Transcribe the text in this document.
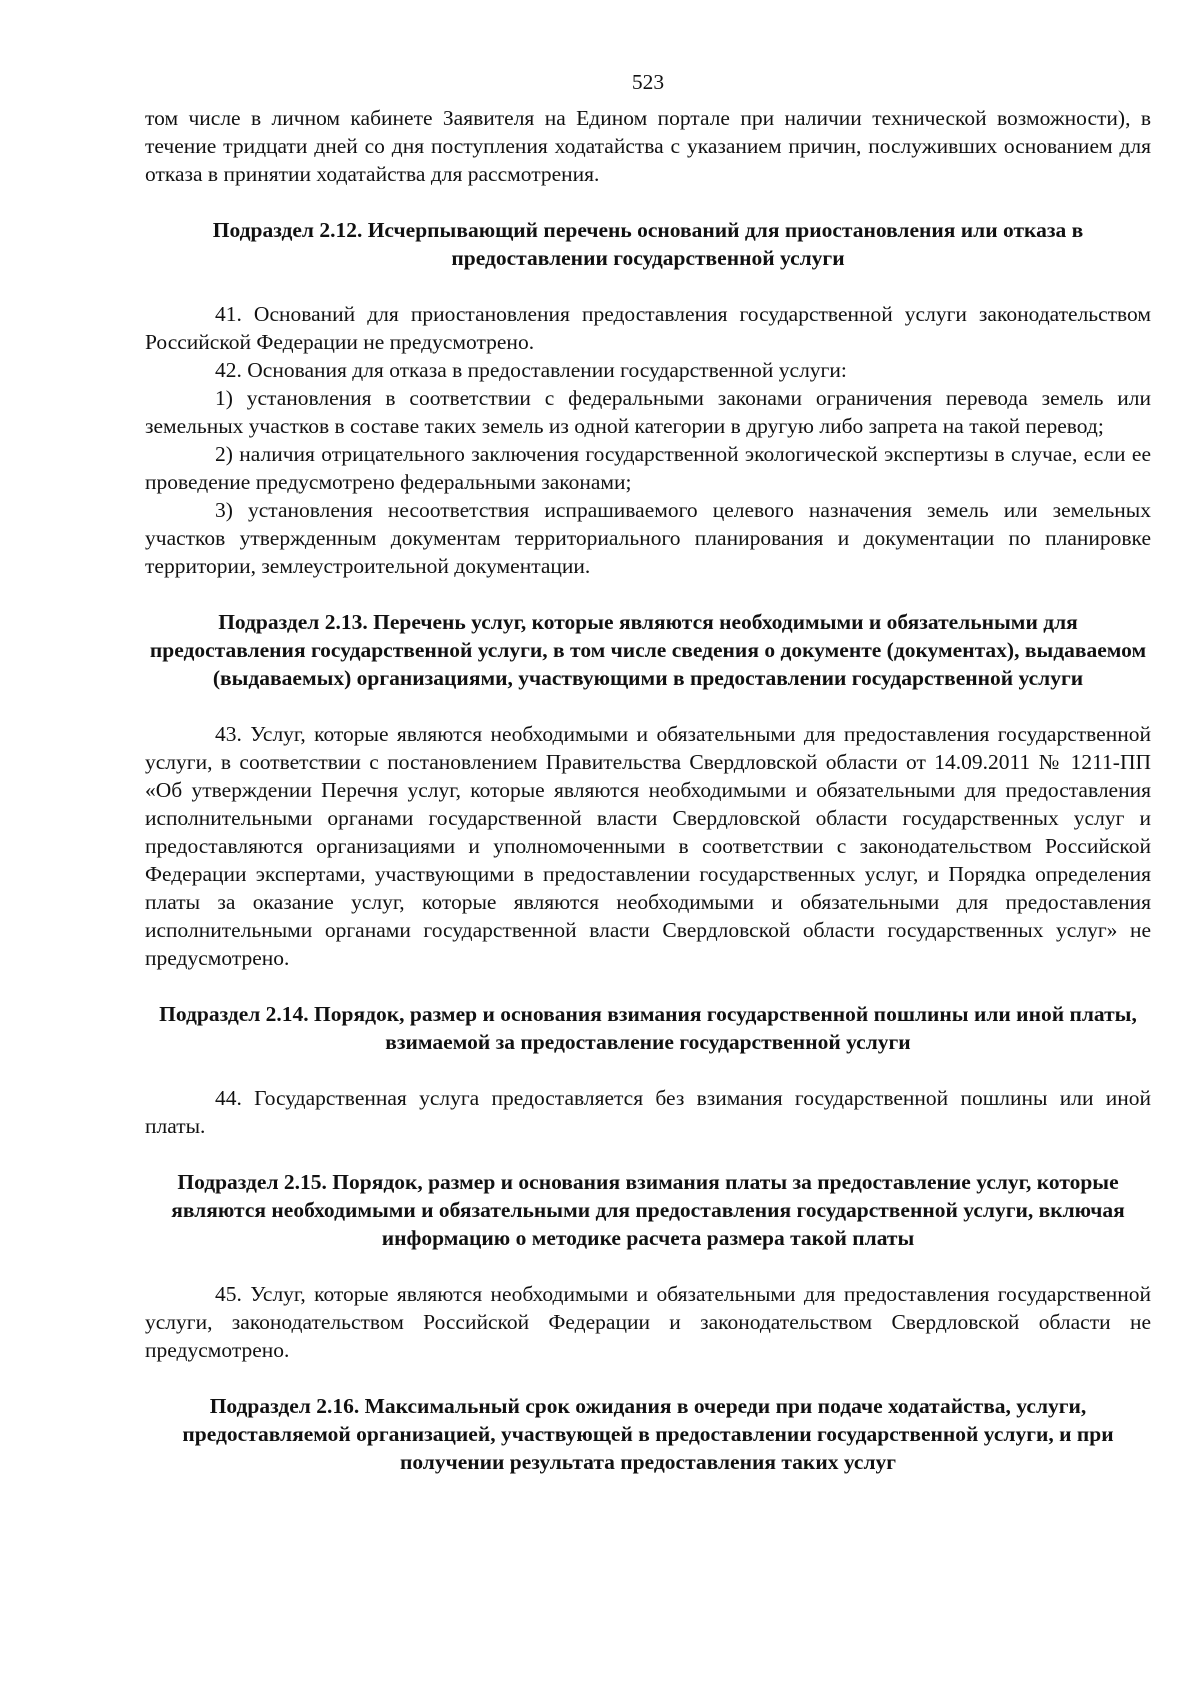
523

том числе в личном кабинете Заявителя на Едином портале при наличии технической возможности), в течение тридцати дней со дня поступления ходатайства с указанием причин, послуживших основанием для отказа в принятии ходатайства для рассмотрения.

Подраздел 2.12. Исчерпывающий перечень оснований для приостановления или отказа в предоставлении государственной услуги

41. Оснований для приостановления предоставления государственной услуги законодательством Российской Федерации не предусмотрено.

42. Основания для отказа в предоставлении государственной услуги:

1) установления в соответствии с федеральными законами ограничения перевода земель или земельных участков в составе таких земель из одной категории в другую либо запрета на такой перевод;

2) наличия отрицательного заключения государственной экологической экспертизы в случае, если ее проведение предусмотрено федеральными законами;

3) установления несоответствия испрашиваемого целевого назначения земель или земельных участков утвержденным документам территориального планирования и документации по планировке территории, землеустроительной документации.

Подраздел 2.13. Перечень услуг, которые являются необходимыми и обязательными для предоставления государственной услуги, в том числе сведения о документе (документах), выдаваемом (выдаваемых) организациями, участвующими в предоставлении государственной услуги

43. Услуг, которые являются необходимыми и обязательными для предоставления государственной услуги, в соответствии с постановлением Правительства Свердловской области от 14.09.2011 № 1211-ПП «Об утверждении Перечня услуг, которые являются необходимыми и обязательными для предоставления исполнительными органами государственной власти Свердловской области государственных услуг и предоставляются организациями и уполномоченными в соответствии с законодательством Российской Федерации экспертами, участвующими в предоставлении государственных услуг, и Порядка определения платы за оказание услуг, которые являются необходимыми и обязательными для предоставления исполнительными органами государственной власти Свердловской области государственных услуг» не предусмотрено.

Подраздел 2.14. Порядок, размер и основания взимания государственной пошлины или иной платы, взимаемой за предоставление государственной услуги

44. Государственная услуга предоставляется без взимания государственной пошлины или иной платы.

Подраздел 2.15. Порядок, размер и основания взимания платы за предоставление услуг, которые являются необходимыми и обязательными для предоставления государственной услуги, включая информацию о методике расчета размера такой платы

45. Услуг, которые являются необходимыми и обязательными для предоставления государственной услуги, законодательством Российской Федерации и законодательством Свердловской области не предусмотрено.

Подраздел 2.16. Максимальный срок ожидания в очереди при подаче ходатайства, услуги, предоставляемой организацией, участвующей в предоставлении государственной услуги, и при получении результата предоставления таких услуг
